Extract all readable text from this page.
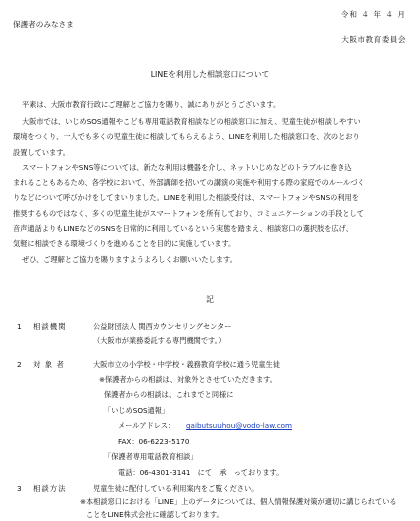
令和 ４ 年 ４ 月
保護者のみなさま
大阪市教育委員会
LINEを利用した相談窓口について
平素は、大阪市教育行政にご理解とご協力を賜り、誠にありがとうございます。
大阪市では、いじめSOS通報やこども専用電話教育相談などの相談窓口に加え、児童生徒が相談しやすい
環境をつくり、一人でも多くの児童生徒に相談してもらえるよう、LINEを利用した相談窓口を、次のとおり
設置しています。
スマートフォンやSNS等については、新たな利用は機器を介し、ネットいじめなどのトラブルに巻き込
まれることもあるため、各学校において、外部講師を招いての講演の実施や利用する際の家庭でのルールづく
りなどについて呼びかけをしてまいりました。LINEを利用した相談受付は、スマートフォンやSNSの利用を
推奨するものではなく、多くの児童生徒がスマートフォンを所有しており、コミュニケーションの手段として
音声通話よりもLINEなどのSNSを日常的に利用しているという実態を踏まえ、相談窓口の選択肢を広げ、
気軽に相談できる環境づくりを進めることを目的に実施しています。
ぜひ、ご理解とご協力を賜りますようよろしくお願いいたします。
記
1 相談機関	公益財団法人 関西カウンセリングセンター
（大阪市が業務委託する専門機関です。）
2 対 象 者	大阪市立の小学校・中学校・義務教育学校に通う児童生徒
※保護者からの相談は、対象外とさせていただきます。
保護者からの相談は、これまでと同様に
「いじめSOS通報」
メールアドレス： gaibutsuuhou@vodo-law.com
FAX：06-6223-5170
「保護者専用電話教育相談」
電話：06-4301-3141　にて　承　っております。
3 相談方法	児童生徒に配付している利用案内をご覧ください。
※本相談窓口における「LINE」上のデータについては、個人情報保護対策が適切に講じられている
ことをLINE株式会社に確認しております。
